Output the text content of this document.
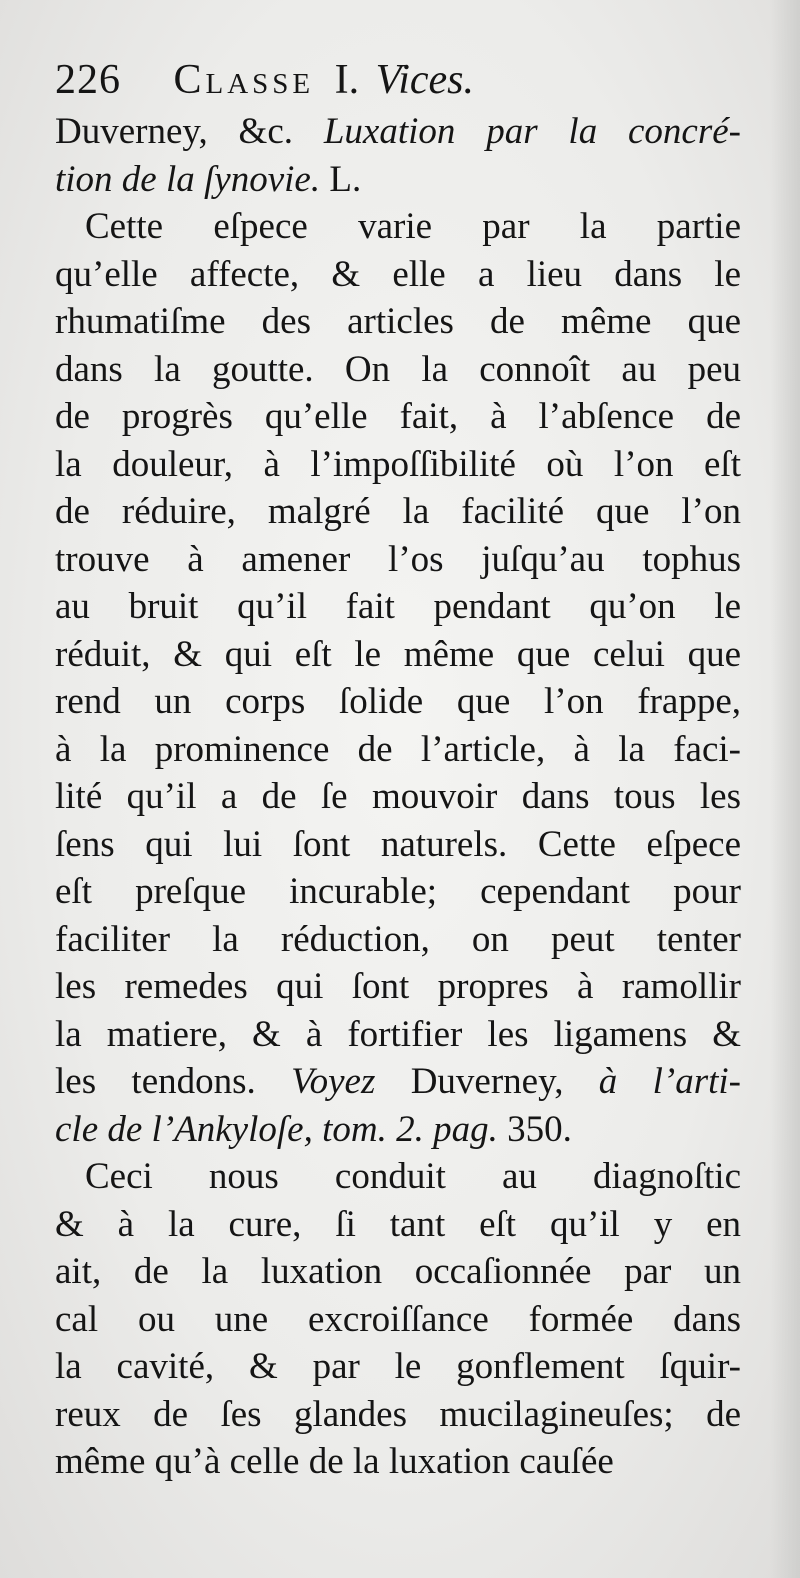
226 Classe I. Vices.
Duverney, &c. Luxation par la concré-
tion de la ſynovie. L.
Cette eſpece varie par la partie
qu’elle affecte, & elle a lieu dans le
rhumatiſme des articles de même que
dans la goutte. On la connoît au peu
de progrès qu’elle fait, à l’abſence de
la douleur, à l’impoſſibilité où l’on eſt
de réduire, malgré la facilité que l’on
trouve à amener l’os juſqu’au tophus
au bruit qu’il fait pendant qu’on le
réduit, & qui eſt le même que celui que
rend un corps ſolide que l’on frappe,
à la prominence de l’article, à la faci-
lité qu’il a de ſe mouvoir dans tous les
ſens qui lui ſont naturels. Cette eſpece
eſt preſque incurable; cependant pour
faciliter la réduction, on peut tenter
les remedes qui ſont propres à ramollir
la matiere, & à fortifier les ligamens &
les tendons. Voyez Duverney, à l’arti-
cle de l’Ankyloſe, tom. 2. pag. 350.
Ceci nous conduit au diagnoſtic
& à la cure, ſi tant eſt qu’il y en
ait, de la luxation occaſionnée par un
cal ou une excroiſſance formée dans
la cavité, & par le gonflement ſquir-
reux de ſes glandes mucilagineuſes; de
même qu’à celle de la luxation cauſée
